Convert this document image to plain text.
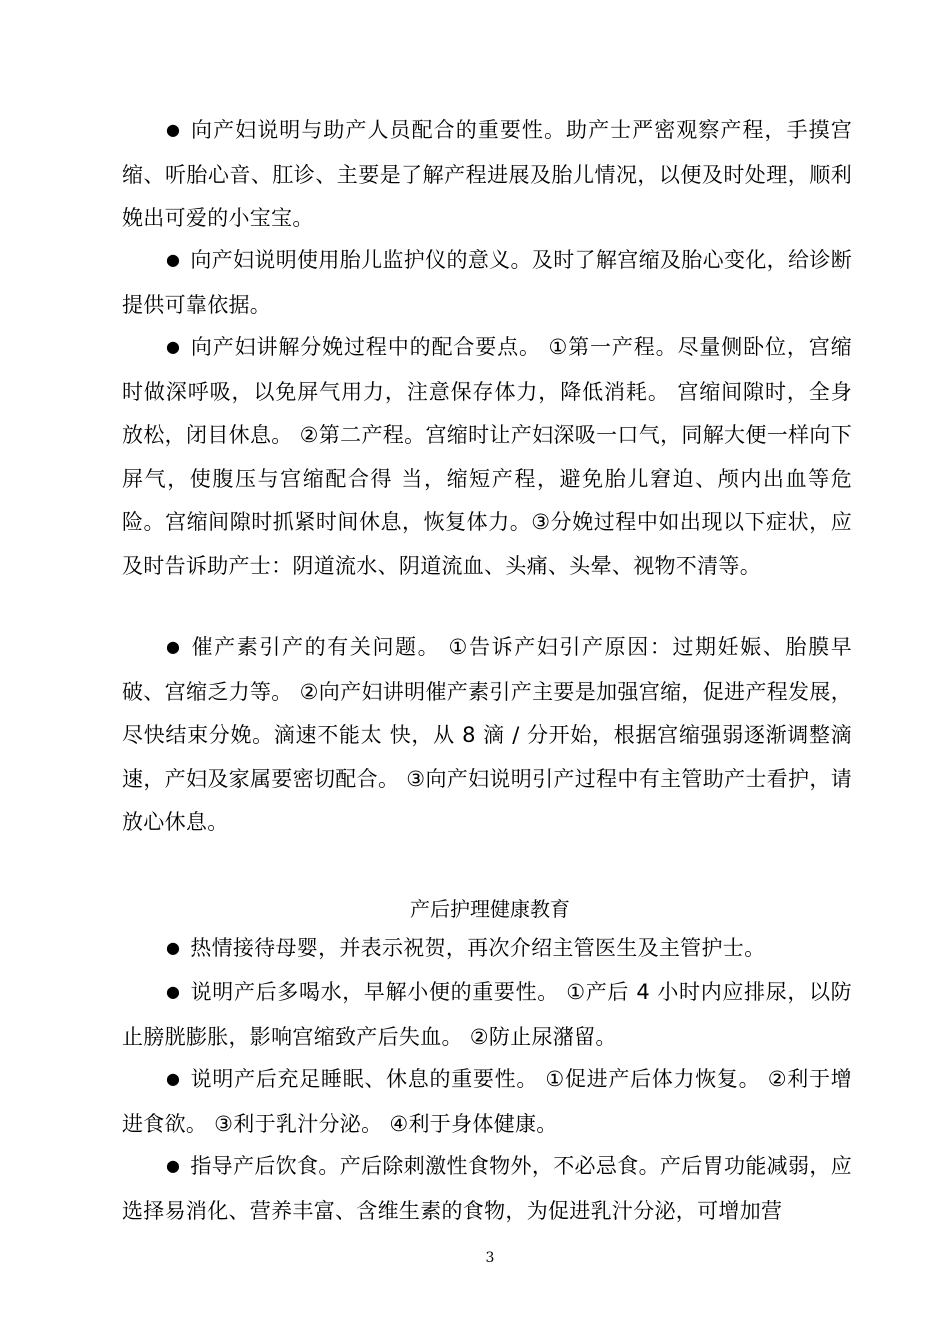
● 向产妇说明与助产人员配合的重要性。助产士严密观察产程，手摸宫缩、听胎心音、肛诊、主要是了解产程进展及胎儿情况，以便及时处理，顺利娩出可爱的小宝宝。

● 向产妇说明使用胎儿监护仪的意义。及时了解宫缩及胎心变化，给诊断提供可靠依据。

● 向产妇讲解分娩过程中的配合要点。 ①第一产程。尽量侧卧位，宫缩时做深呼吸，以免屏气用力，注意保存体力，降低消耗。 宫缩间隙时，全身放松，闭目休息。 ②第二产程。宫缩时让产妇深吸一口气，同解大便一样向下屏气，使腹压与宫缩配合得 当，缩短产程，避免胎儿窘迫、颅内出血等危险。宫缩间隙时抓紧时间休息，恢复体力。③分娩过程中如出现以下症状，应及时告诉助产士：阴道流水、阴道流血、头痛、头晕、视物不清等。

● 催产素引产的有关问题。 ①告诉产妇引产原因：过期妊娠、胎膜早破、宫缩乏力等。 ②向产妇讲明催产素引产主要是加强宫缩，促进产程发展，尽快结束分娩。滴速不能太 快，从 8 滴 / 分开始，根据宫缩强弱逐渐调整滴速，产妇及家属要密切配合。 ③向产妇说明引产过程中有主管助产士看护，请放心休息。

产后护理健康教育

● 热情接待母婴，并表示祝贺，再次介绍主管医生及主管护士。

● 说明产后多喝水，早解小便的重要性。 ①产后 4 小时内应排尿，以防止膀胱膨胀，影响宫缩致产后失血。 ②防止尿潴留。

● 说明产后充足睡眠、休息的重要性。 ①促进产后体力恢复。 ②利于增进食欲。 ③利于乳汁分泌。 ④利于身体健康。

● 指导产后饮食。产后除刺激性食物外，不必忌食。产后胃功能减弱，应选择易消化、营养丰富、含维生素的食物，为促进乳汁分泌，可增加营

3
